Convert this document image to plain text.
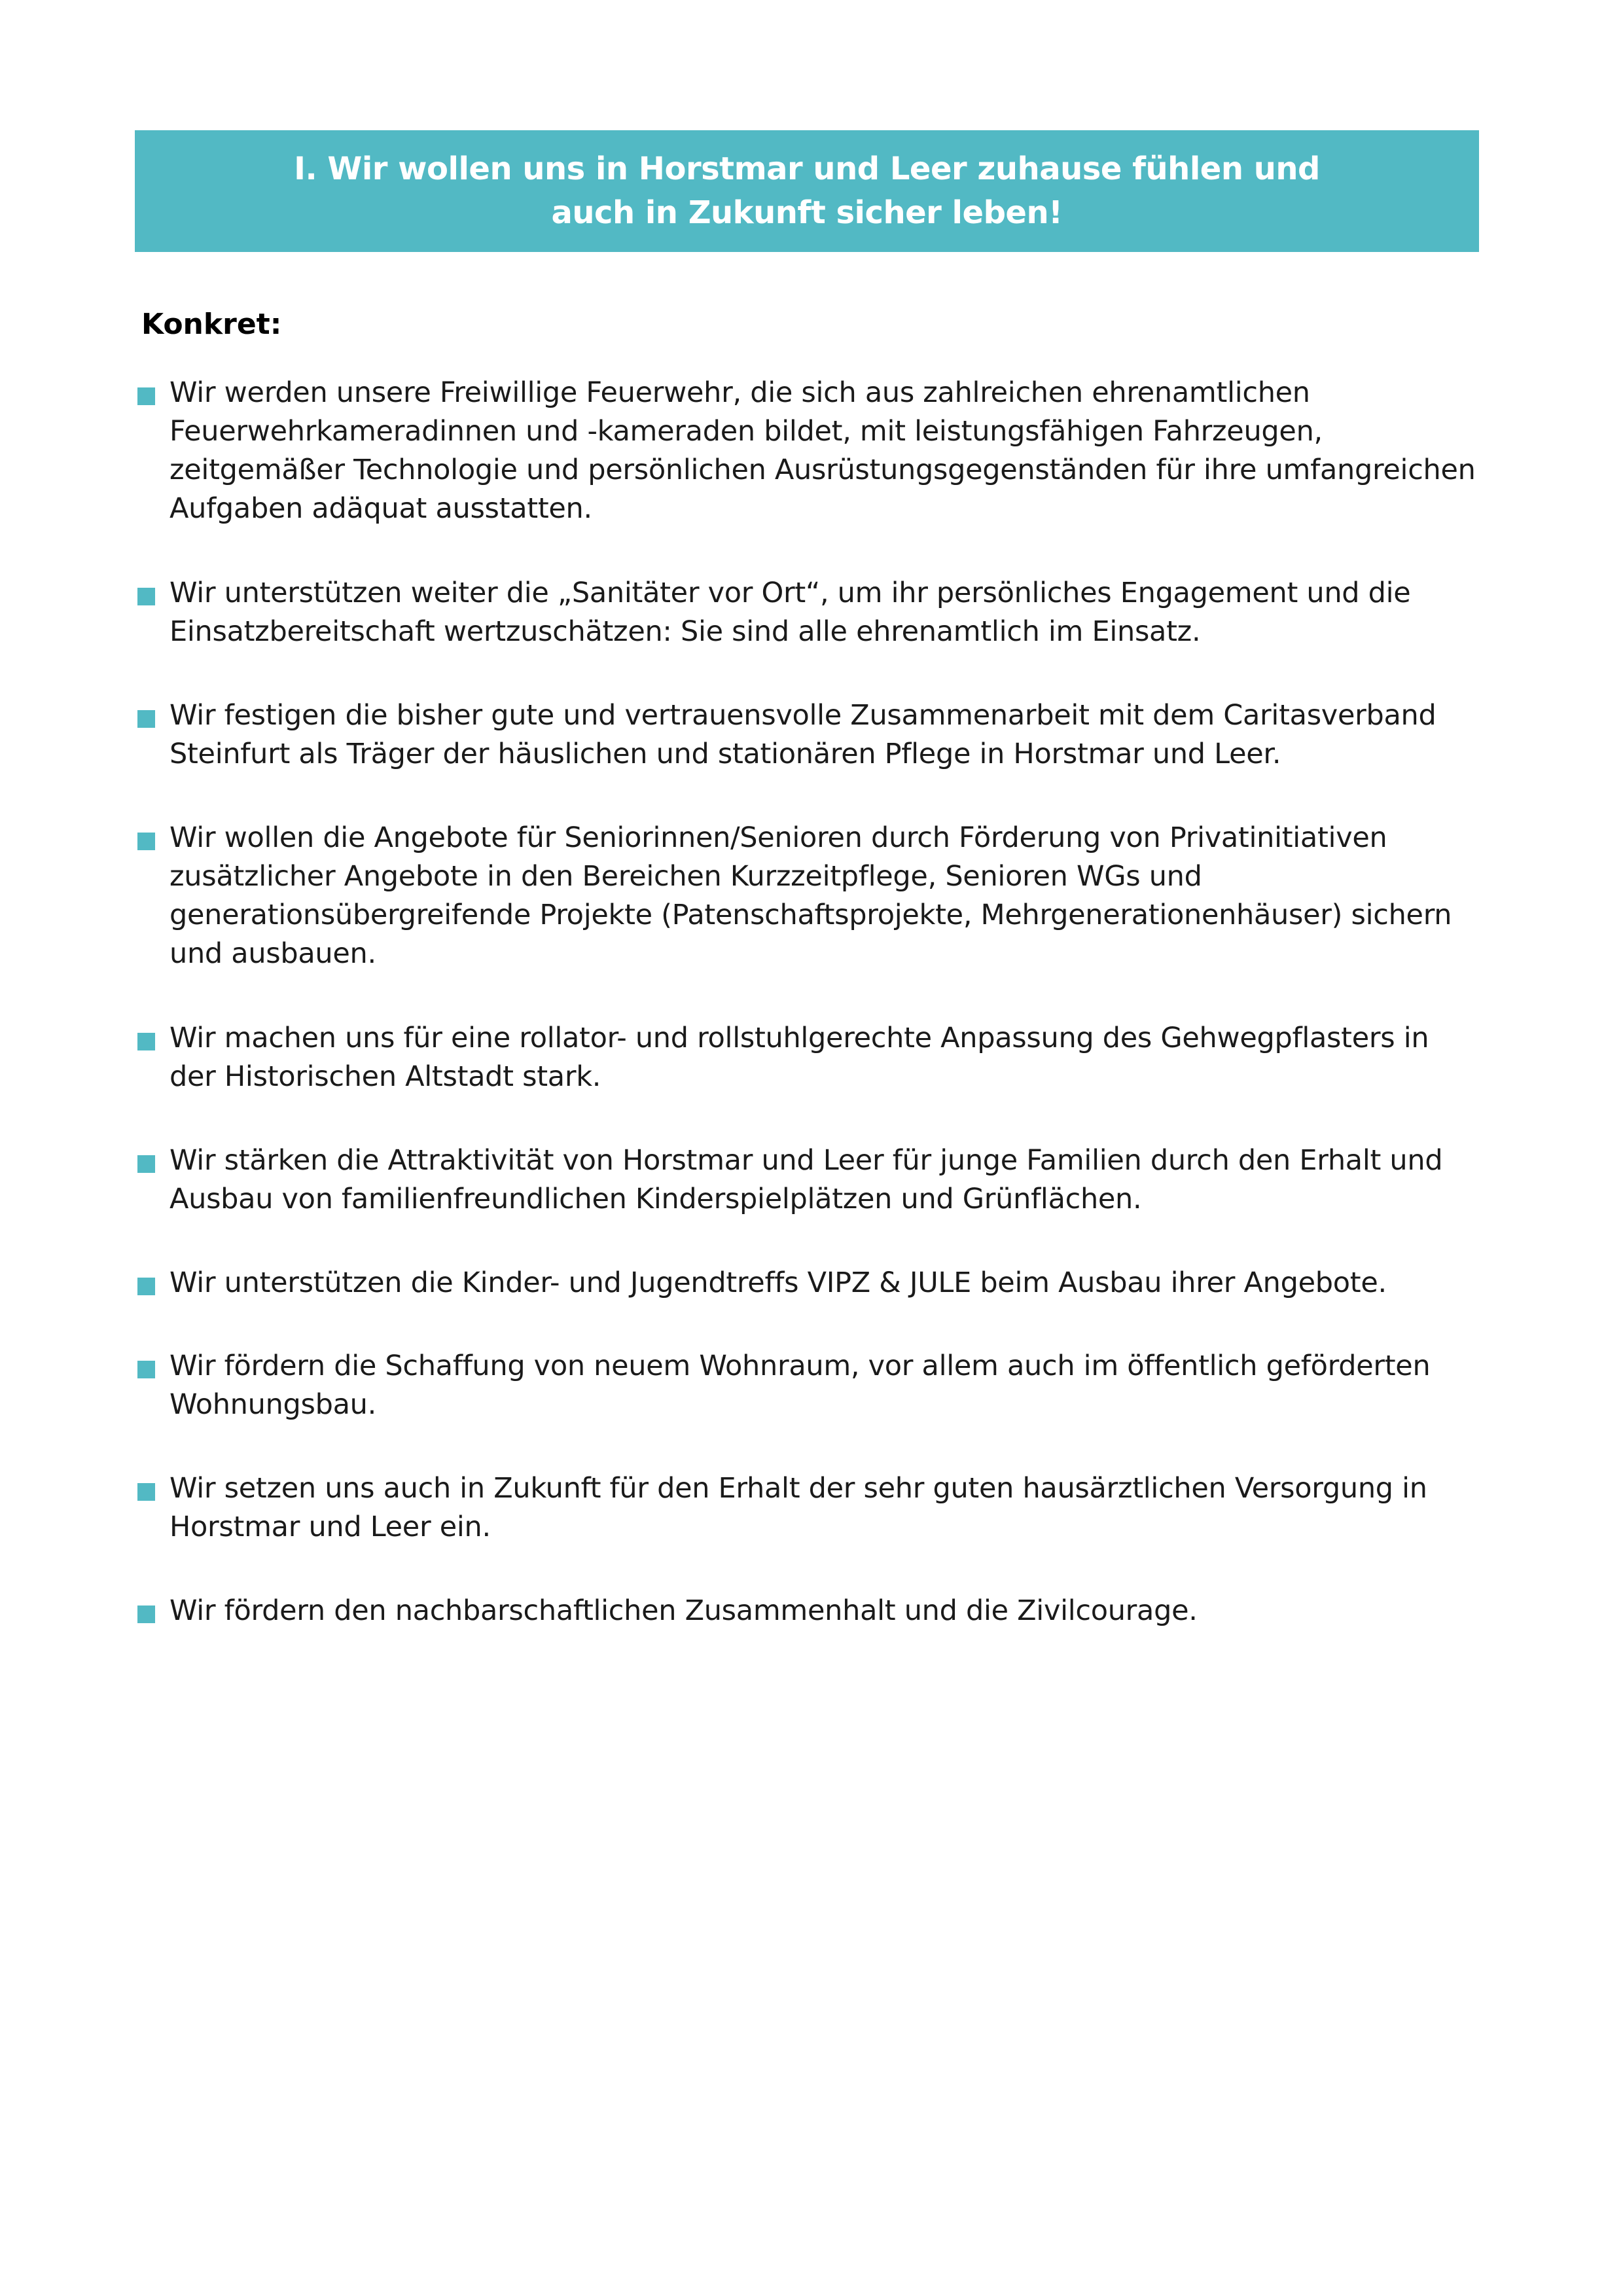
I. Wir wollen uns in Horstmar und Leer zuhause fühlen und auch in Zukunft sicher leben!
Konkret:
Wir werden unsere Freiwillige Feuerwehr, die sich aus zahlreichen ehrenamtlichen Feuerwehrkameradinnen und -kameraden bildet, mit leistungsfähigen Fahrzeugen, zeitgemäßer Technologie und persönlichen Ausrüstungsgegenständen für ihre umfangreichen Aufgaben adäquat ausstatten.
Wir unterstützen weiter die „Sanitäter vor Ort“, um ihr persönliches Engagement und die Einsatzbereitschaft wertzuschätzen: Sie sind alle ehrenamtlich im Einsatz.
Wir festigen die bisher gute und vertrauensvolle Zusammenarbeit mit dem Caritasverband Steinfurt als Träger der häuslichen und stationären Pflege in Horstmar und Leer.
Wir wollen die Angebote für Seniorinnen/Senioren durch Förderung von Privatinitiativen zusätzlicher Angebote in den Bereichen Kurzzeitpflege, Senioren WGs und generationsübergreifende Projekte (Patenschaftsprojekte, Mehrgenerationenhäuser) sichern und ausbauen.
Wir machen uns für eine rollator- und rollstuhlgerechte Anpassung des Gehwegpflasters in der Historischen Altstadt stark.
Wir stärken die Attraktivität von Horstmar und Leer für junge Familien durch den Erhalt und Ausbau von familienfreundlichen Kinderspielplätzen und Grünflächen.
Wir unterstützen die Kinder- und Jugendtreffs VIPZ & JULE beim Ausbau ihrer Angebote.
Wir fördern die Schaffung von neuem Wohnraum, vor allem auch im öffentlich geförderten Wohnungsbau.
Wir setzen uns auch in Zukunft für den Erhalt der sehr guten hausärztlichen Versorgung in Horstmar und Leer ein.
Wir fördern den nachbarschaftlichen Zusammenhalt und die Zivilcourage.
